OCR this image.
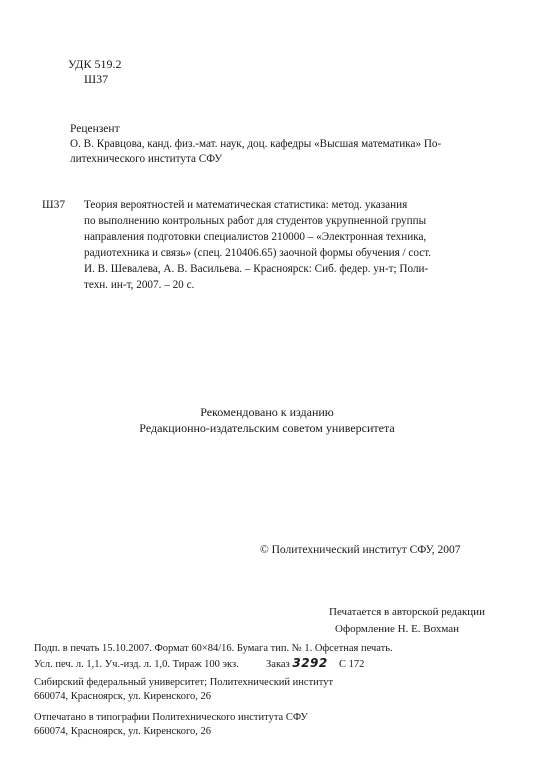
УДК 519.2
Ш37
Рецензент
О. В. Кравцова, канд. физ.-мат. наук, доц. кафедры «Высшая математика» По-
литехнического института СФУ
Ш37 Теория вероятностей и математическая статистика: метод. указания
по выполнению контрольных работ для студентов укрупненной группы
направления подготовки специалистов 210000 – «Электронная техника,
радиотехника и связь» (спец. 210406.65) заочной формы обучения / сост.
И. В. Шевалева, А. В. Васильева. – Красноярск: Сиб. федер. ун-т; Поли-
техн. ин-т, 2007. – 20 с.
Рекомендовано к изданию
Редакционно-издательским советом университета
© Политехнический институт СФУ, 2007
Печатается в авторской редакции
Оформление Н. Е. Вохман
Подп. в печать 15.10.2007. Формат 60×84/16. Бумага тип. № 1. Офсетная печать.
Усл. печ. л. 1,1. Уч.-изд. л. 1,0. Тираж 100 экз.	Заказ 3292 С 172
Сибирский федеральный университет; Политехнический институт
660074, Красноярск, ул. Киренского, 26
Отпечатано в типографии Политехнического института СФУ
660074, Красноярск, ул. Киренского, 26
